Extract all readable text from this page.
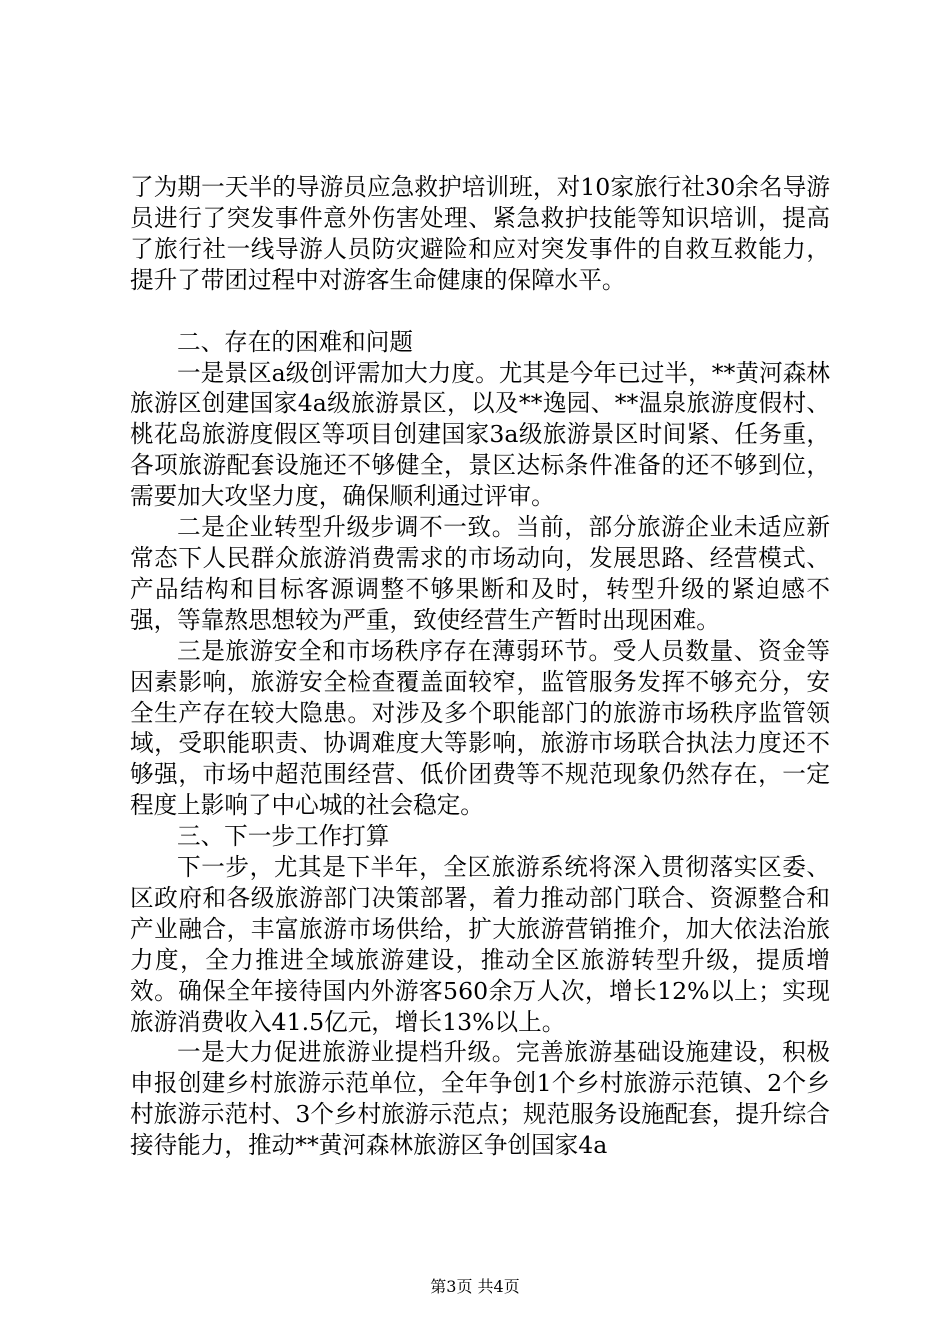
了为期一天半的导游员应急救护培训班，对10家旅行社30余名导游员进行了突发事件意外伤害处理、紧急救护技能等知识培训，提高了旅行社一线导游人员防灾避险和应对突发事件的自救互救能力，提升了带团过程中对游客生命健康的保障水平。

二、存在的困难和问题

一是景区a级创评需加大力度。尤其是今年已过半，**黄河森林旅游区创建国家4a级旅游景区，以及**逸园、**温泉旅游度假村、桃花岛旅游度假区等项目创建国家3a级旅游景区时间紧、任务重，各项旅游配套设施还不够健全，景区达标条件准备的还不够到位，需要加大攻坚力度，确保顺利通过评审。

二是企业转型升级步调不一致。当前，部分旅游企业未适应新常态下人民群众旅游消费需求的市场动向，发展思路、经营模式、产品结构和目标客源调整不够果断和及时，转型升级的紧迫感不强，等靠熬思想较为严重，致使经营生产暂时出现困难。

三是旅游安全和市场秩序存在薄弱环节。受人员数量、资金等因素影响，旅游安全检查覆盖面较窄，监管服务发挥不够充分，安全生产存在较大隐患。对涉及多个职能部门的旅游市场秩序监管领域，受职能职责、协调难度大等影响，旅游市场联合执法力度还不够强，市场中超范围经营、低价团费等不规范现象仍然存在，一定程度上影响了中心城的社会稳定。

三、下一步工作打算

下一步，尤其是下半年，全区旅游系统将深入贯彻落实区委、区政府和各级旅游部门决策部署，着力推动部门联合、资源整合和产业融合，丰富旅游市场供给，扩大旅游营销推介，加大依法治旅力度，全力推进全域旅游建设，推动全区旅游转型升级，提质增效。确保全年接待国内外游客560余万人次，增长12%以上；实现旅游消费收入41.5亿元，增长13%以上。

一是大力促进旅游业提档升级。完善旅游基础设施建设，积极申报创建乡村旅游示范单位，全年争创1个乡村旅游示范镇、2个乡村旅游示范村、3个乡村旅游示范点；规范服务设施配套，提升综合接待能力，推动**黄河森林旅游区争创国家4a

第3页 共4页
